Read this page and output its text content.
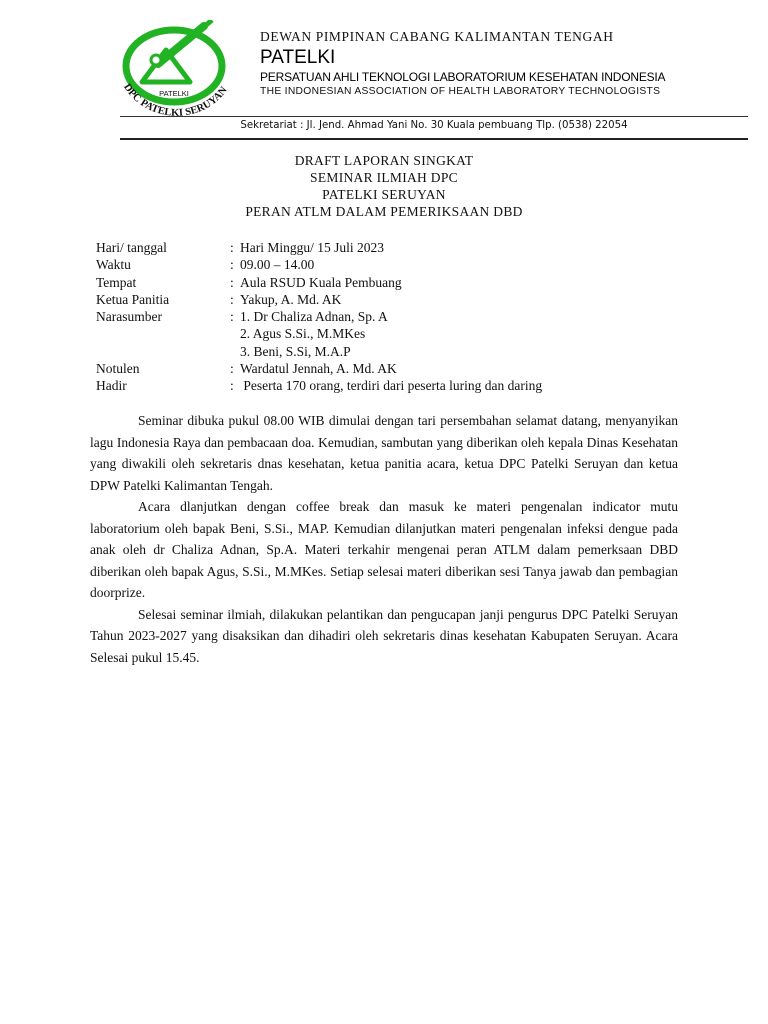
PATELKI
DPC PATELKI SERUYAN
DEWAN PIMPINAN CABANG KALIMANTAN TENGAH
PATELKI
PERSATUAN AHLI TEKNOLOGI LABORATORIUM KESEHATAN INDONESIA
THE INDONESIAN ASSOCIATION OF HEALTH LABORATORY TECHNOLOGISTS
Sekretariat : Jl. Jend. Ahmad Yani No. 30 Kuala pembuang Tlp. (0538) 22054
DRAFT LAPORAN SINGKAT
SEMINAR ILMIAH DPC
PATELKI SERUYAN
PERAN ATLM DALAM PEMERIKSAAN DBD
Hari/ tanggal	: Hari Minggu/ 15 Juli 2023
Waktu	: 09.00 – 14.00
Tempat	: Aula RSUD Kuala Pembuang
Ketua Panitia	: Yakup, A. Md. AK
Narasumber	: 1. Dr Chaliza Adnan, Sp. A
2. Agus S.Si., M.MKes
3. Beni, S.Si, M.A.P
Notulen	: Wardatul Jennah, A. Md. AK
Hadir	: Peserta 170 orang, terdiri dari peserta luring dan daring

Seminar dibuka pukul 08.00 WIB dimulai dengan tari persembahan selamat datang, menyanyikan lagu Indonesia Raya dan pembacaan doa. Kemudian, sambutan yang diberikan oleh kepala Dinas Kesehatan yang diwakili oleh sekretaris dnas kesehatan, ketua panitia acara, ketua DPC Patelki Seruyan dan ketua DPW Patelki Kalimantan Tengah.

Acara dlanjutkan dengan coffee break dan masuk ke materi pengenalan indicator mutu laboratorium oleh bapak Beni, S.Si., MAP. Kemudian dilanjutkan materi pengenalan infeksi dengue pada anak oleh dr Chaliza Adnan, Sp.A. Materi terkahir mengenai peran ATLM dalam pemerksaan DBD diberikan oleh bapak Agus, S.Si., M.MKes. Setiap selesai materi diberikan sesi Tanya jawab dan pembagian doorprize.

Selesai seminar ilmiah, dilakukan pelantikan dan pengucapan janji pengurus DPC Patelki Seruyan Tahun 2023-2027 yang disaksikan dan dihadiri oleh sekretaris dinas kesehatan Kabupaten Seruyan. Acara Selesai pukul 15.45.
